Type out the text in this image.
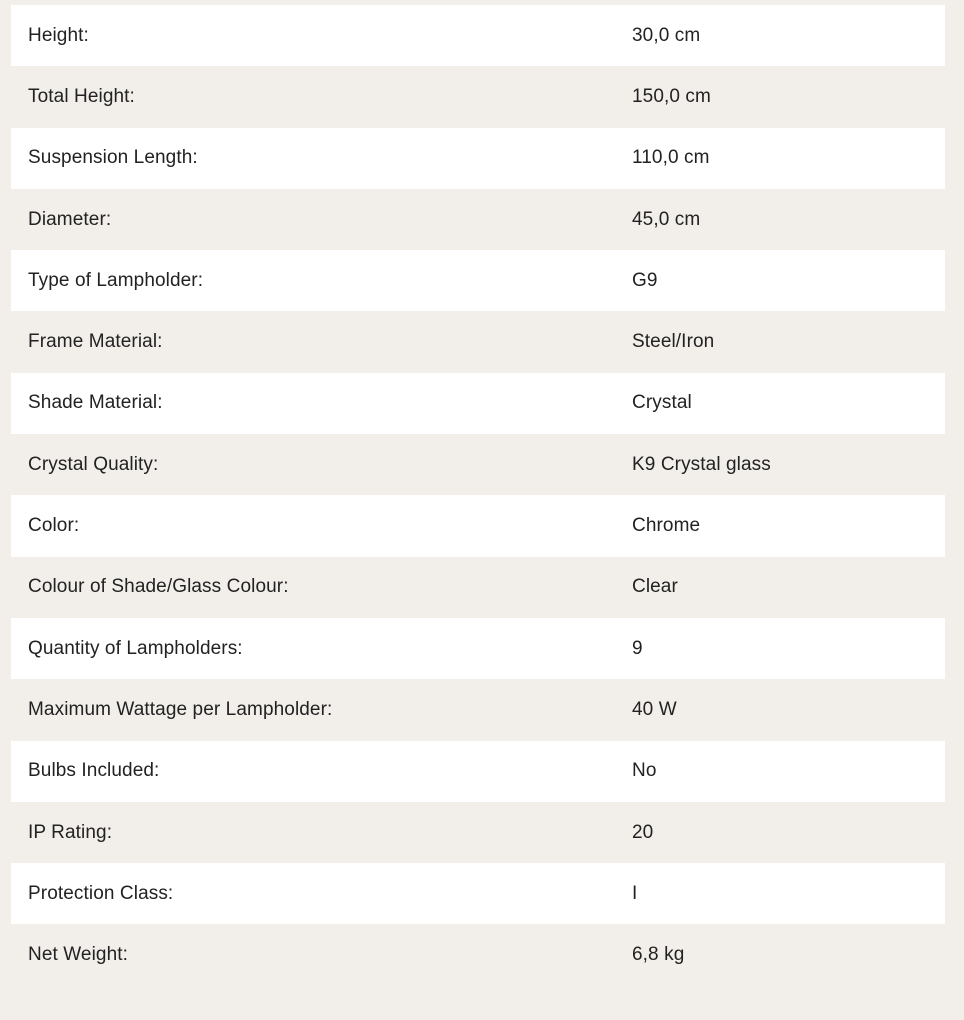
Height:	30,0 cm
Total Height:	150,0 cm
Suspension Length:	110,0 cm
Diameter:	45,0 cm
Type of Lampholder:	G9
Frame Material:	Steel/Iron
Shade Material:	Crystal
Crystal Quality:	K9 Crystal glass
Color:	Chrome
Colour of Shade/Glass Colour:	Clear
Quantity of Lampholders:	9
Maximum Wattage per Lampholder:	40 W
Bulbs Included:	No
IP Rating:	20
Protection Class:	I
Net Weight:	6,8 kg
